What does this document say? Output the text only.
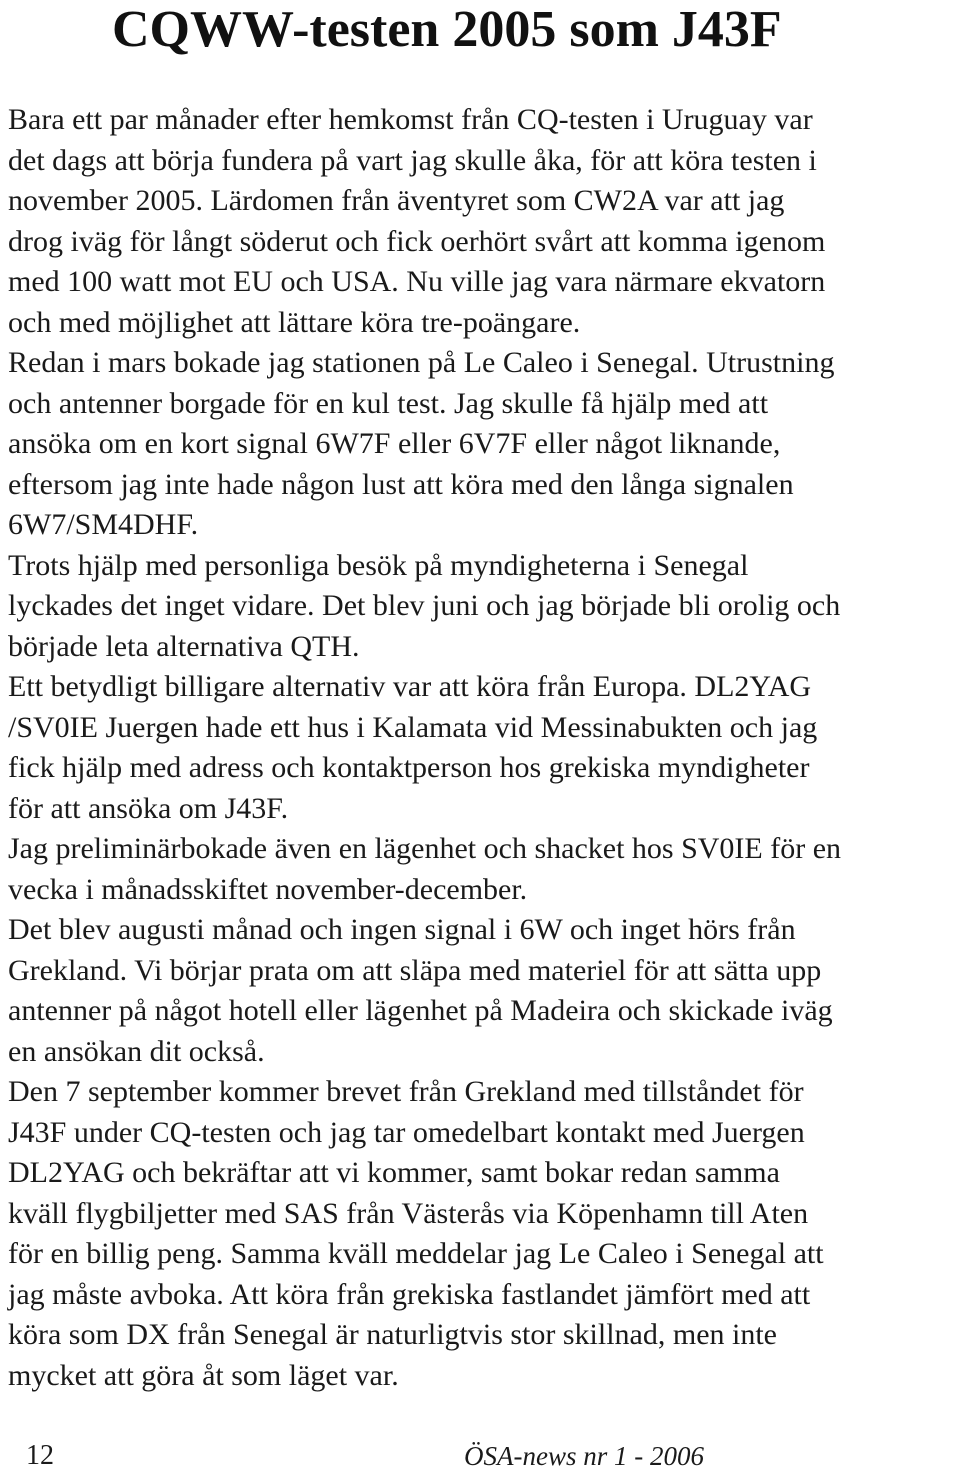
CQWW-testen 2005 som J43F
Bara ett par månader efter hemkomst från CQ-testen i Uruguay var
det dags att börja fundera på vart jag skulle åka, för att köra testen i
november 2005. Lärdomen från äventyret som CW2A var att jag
drog iväg för långt söderut och fick oerhört svårt att komma igenom
med 100 watt mot EU och USA. Nu ville jag vara närmare ekvatorn
och med möjlighet att lättare köra tre-poängare.
Redan i mars bokade jag stationen på Le Caleo i Senegal. Utrustning
och antenner borgade för en kul test. Jag skulle få hjälp med att
ansöka om en kort signal 6W7F eller 6V7F eller något liknande,
eftersom jag inte hade någon lust att köra med den långa signalen
6W7/SM4DHF.
Trots hjälp med personliga besök på myndigheterna i Senegal
lyckades det inget vidare. Det blev juni och jag började bli orolig och
började leta alternativa QTH.
Ett betydligt billigare alternativ var att köra från Europa. DL2YAG
/SV0IE Juergen hade ett hus i Kalamata vid Messinabukten och jag
fick hjälp med adress och kontaktperson hos grekiska myndigheter
för att ansöka om J43F.
Jag preliminärbokade även en lägenhet och shacket hos SV0IE för en
vecka i månadsskiftet november-december.
Det blev augusti månad och ingen signal i 6W och inget hörs från
Grekland. Vi börjar prata om att släpa med materiel för att sätta upp
antenner på något hotell eller lägenhet på Madeira och skickade iväg
en ansökan dit också.
Den 7 september kommer brevet från Grekland med tillståndet för
J43F under CQ-testen och jag tar omedelbart kontakt med Juergen
DL2YAG och bekräftar att vi kommer, samt bokar redan samma
kväll flygbiljetter med SAS från Västerås via Köpenhamn till Aten
för en billig peng. Samma kväll meddelar jag Le Caleo i Senegal att
jag måste avboka. Att köra från grekiska fastlandet jämfört med att
köra som DX från Senegal är naturligtvis stor skillnad, men inte
mycket att göra åt som läget var.
12	ÖSA-news nr 1 - 2006
